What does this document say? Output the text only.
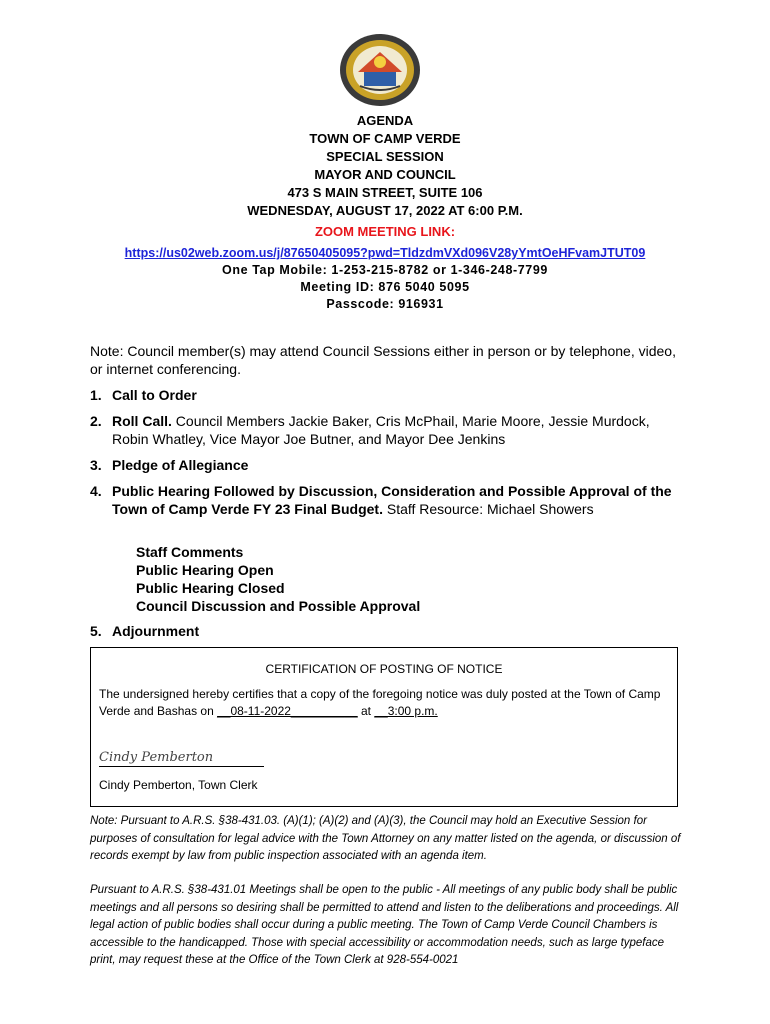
AGENDA
TOWN OF CAMP VERDE
SPECIAL SESSION
MAYOR AND COUNCIL
473 S MAIN STREET, SUITE 106
WEDNESDAY, AUGUST 17, 2022 AT 6:00 P.M.
ZOOM MEETING LINK:
https://us02web.zoom.us/j/87650405095?pwd=TldzdmVXd096V28yYmtOeHFvamJTUT09
One Tap Mobile: 1-253-215-8782 or 1-346-248-7799
Meeting ID: 876 5040 5095
Passcode: 916931
Note: Council member(s) may attend Council Sessions either in person or by telephone, video, or internet conferencing.
1. Call to Order
2. Roll Call. Council Members Jackie Baker, Cris McPhail, Marie Moore, Jessie Murdock, Robin Whatley, Vice Mayor Joe Butner, and Mayor Dee Jenkins
3. Pledge of Allegiance
4. Public Hearing Followed by Discussion, Consideration and Possible Approval of the Town of Camp Verde FY 23 Final Budget. Staff Resource: Michael Showers
Staff Comments
Public Hearing Open
Public Hearing Closed
Council Discussion and Possible Approval
5. Adjournment
CERTIFICATION OF POSTING OF NOTICE
The undersigned hereby certifies that a copy of the foregoing notice was duly posted at the Town of Camp Verde and Bashas on __08-11-2022__________ at __3:00 p.m.
Cindy Pemberton
Cindy Pemberton, Town Clerk
Note: Pursuant to A.R.S. §38-431.03. (A)(1); (A)(2) and (A)(3), the Council may hold an Executive Session for purposes of consultation for legal advice with the Town Attorney on any matter listed on the agenda, or discussion of records exempt by law from public inspection associated with an agenda item.
Pursuant to A.R.S. §38-431.01 Meetings shall be open to the public - All meetings of any public body shall be public meetings and all persons so desiring shall be permitted to attend and listen to the deliberations and proceedings. All legal action of public bodies shall occur during a public meeting. The Town of Camp Verde Council Chambers is accessible to the handicapped. Those with special accessibility or accommodation needs, such as large typeface print, may request these at the Office of the Town Clerk at 928-554-0021
